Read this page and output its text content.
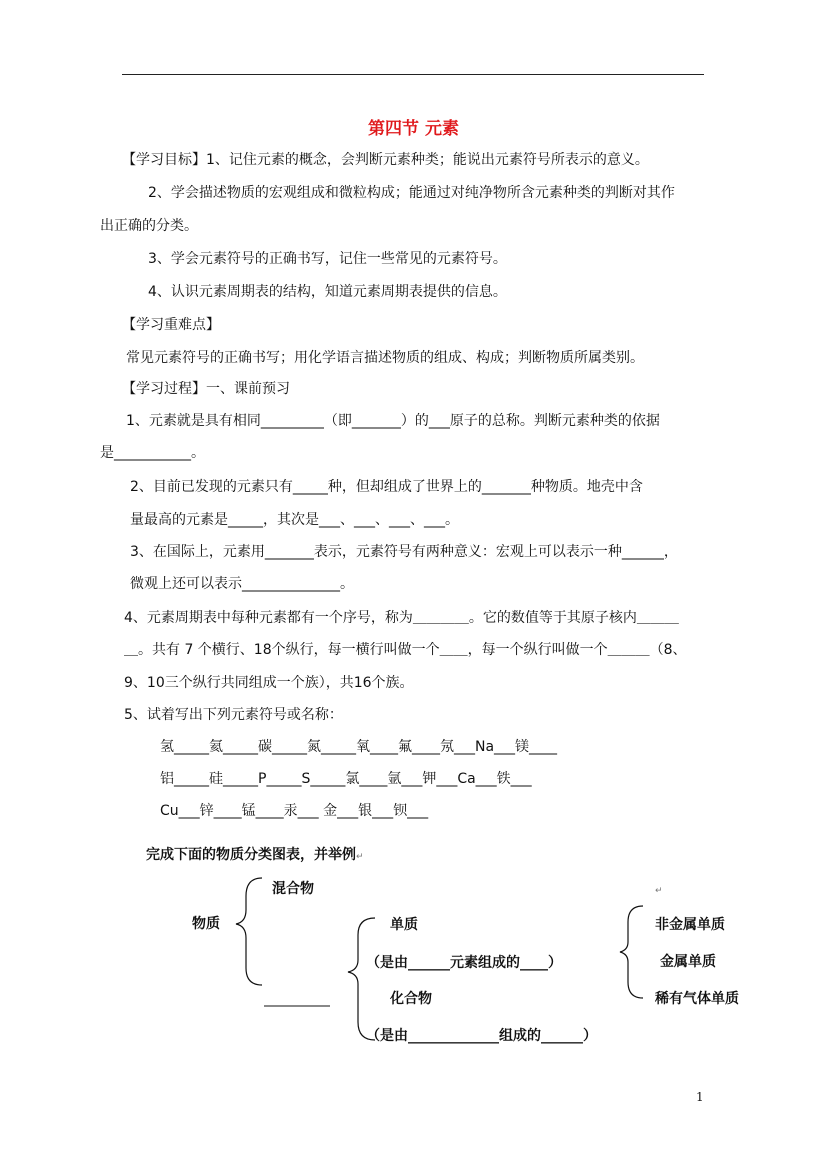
第四节 元素
【学习目标】1、记住元素的概念，会判断元素种类；能说出元素符号所表示的意义。
2、学会描述物质的宏观组成和微粒构成；能通过对纯净物所含元素种类的判断对其作
出正确的分类。
3、学会元素符号的正确书写，记住一些常见的元素符号。
4、认识元素周期表的结构，知道元素周期表提供的信息。
【学习重难点】
常见元素符号的正确书写；用化学语言描述物质的组成、构成；判断物质所属类别。
【学习过程】一、课前预习
1、元素就是具有相同_________（即_______）的___原子的总称。判断元素种类的依据
是___________。
2、目前已发现的元素只有_____种，但却组成了世界上的_______种物质。地壳中含
量最高的元素是_____，其次是___、___、___、___。
3、在国际上，元素用_______表示，元素符号有两种意义：宏观上可以表示一种______，
微观上还可以表示______________。
4、元素周期表中每种元素都有一个序号，称为＿＿＿＿。它的数值等于其原子核内＿＿＿
＿。共有 7 个横行、18个纵行，每一横行叫做一个＿＿，每一个纵行叫做一个＿＿＿（8、
9、10三个纵行共同组成一个族），共16个族。
5、试着写出下列元素符号或名称：
氢_____氦_____碳_____氮_____氧____氟____氖___Na___镁____
铝_____硅_____P_____S_____氯____氩___钾___Ca___铁___
Cu___锌____锰____汞___ 金___银___钡___
完成下面的物质分类图表，并举例↵
混合物	↵
物质	单质
（是由______元素组成的____）
化合物
（是由_____________组成的______）
非金属单质
金属单质
稀有气体单质
1
